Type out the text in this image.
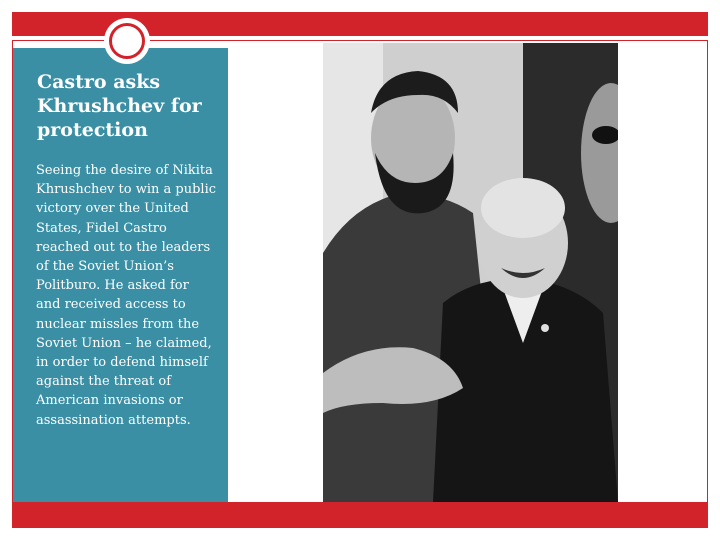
Castro asks Khrushchev for protection

Seeing the desire of Nikita Khrushchev to win a public victory over the United States, Fidel Castro reached out to the leaders of the Soviet Union’s Politburo. He asked for and received access to nuclear missles from the Soviet Union – he claimed, in order to defend himself against the threat of American invasions or assassination attempts.
